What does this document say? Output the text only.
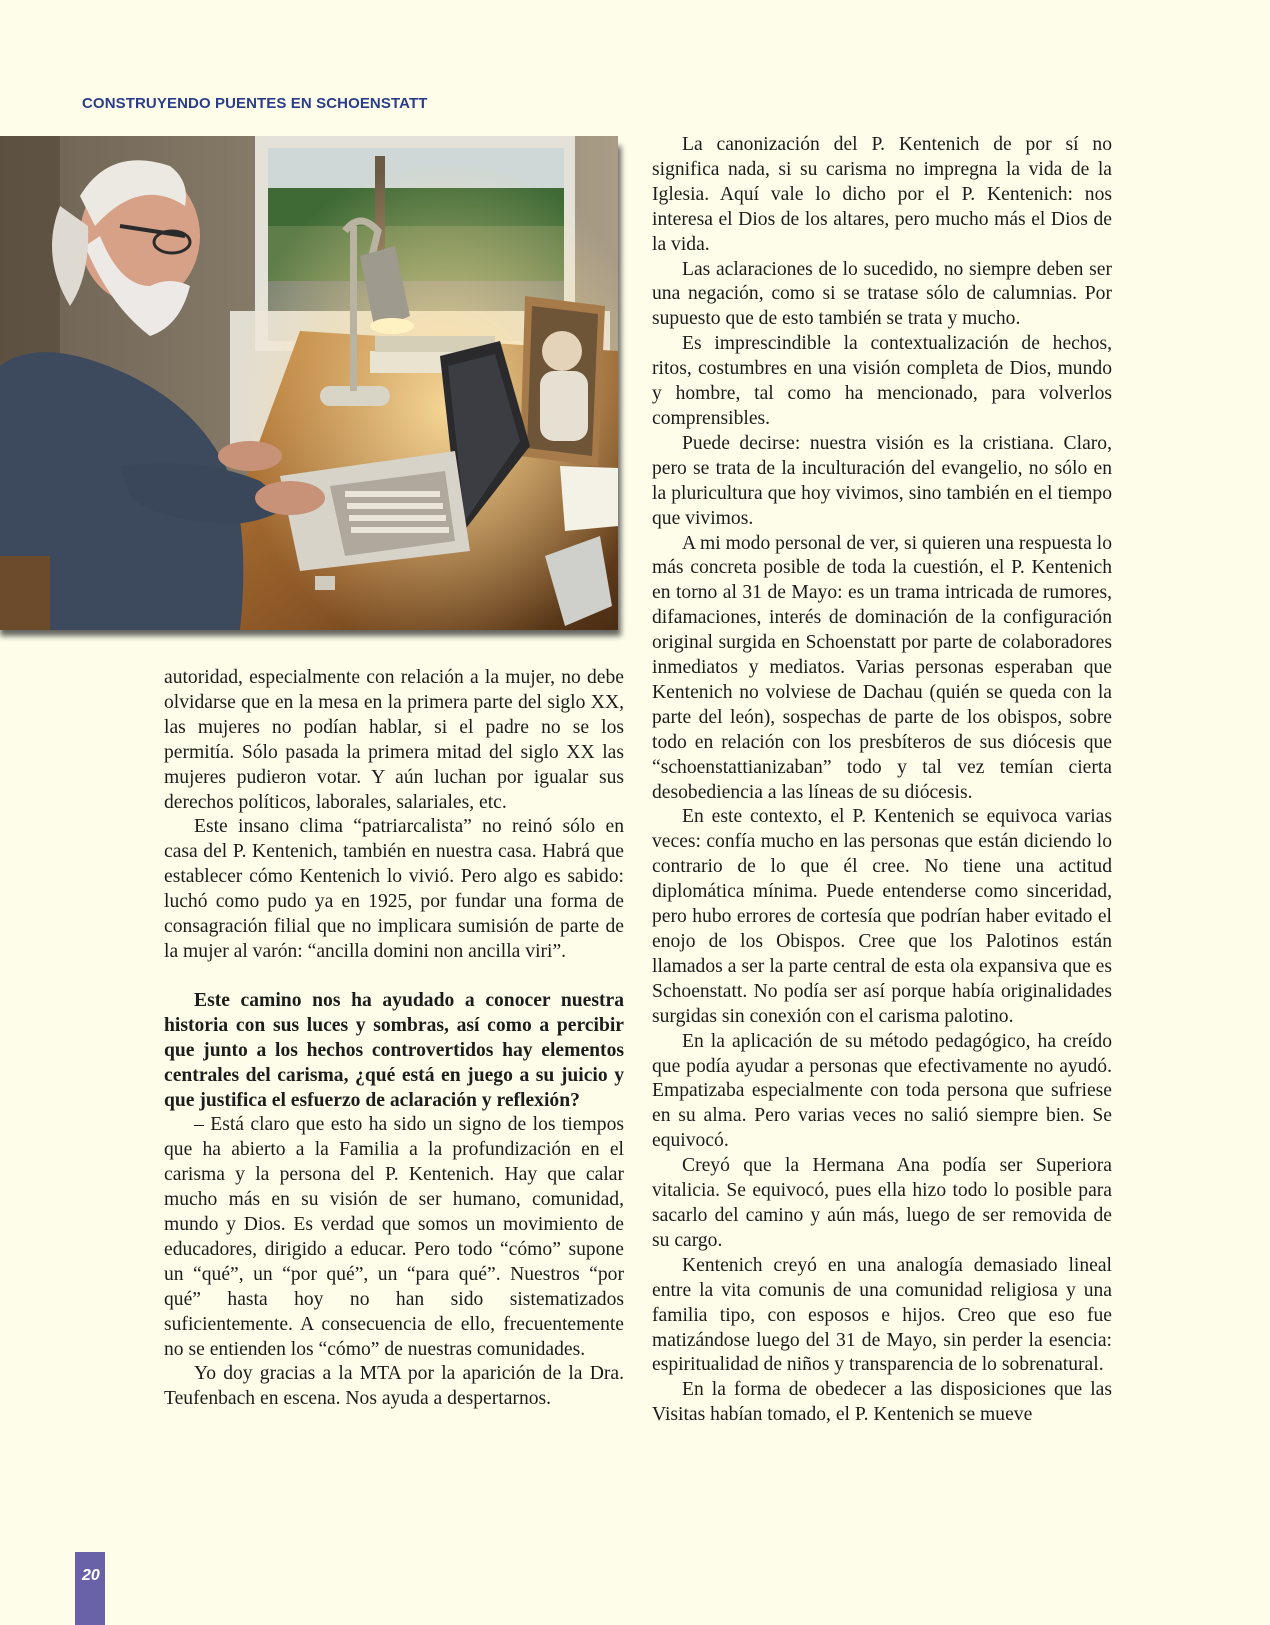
CONSTRUYENDO PUENTES EN SCHOENSTATT

La canonización del P. Kentenich de por sí no significa nada, si su carisma no impregna la vida de la Iglesia. Aquí vale lo dicho por el P. Kentenich: nos interesa el Dios de los altares, pero mucho más el Dios de la vida.

Las aclaraciones de lo sucedido, no siempre deben ser una negación, como si se tratase sólo de calumnias. Por supuesto que de esto también se trata y mucho.

Es imprescindible la contextualización de hechos, ritos, costumbres en una visión completa de Dios, mundo y hombre, tal como ha mencionado, para volverlos comprensibles.

Puede decirse: nuestra visión es la cristiana. Claro, pero se trata de la inculturación del evangelio, no sólo en la pluricultura que hoy vivimos, sino también en el tiempo que vivimos.

A mi modo personal de ver, si quieren una respuesta lo más concreta posible de toda la cuestión, el P. Kentenich en torno al 31 de Mayo: es un trama intricada de rumores, difamaciones, interés de dominación de la configuración original surgida en Schoenstatt por parte de colaboradores inmediatos y mediatos. Varias personas esperaban que Kentenich no volviese de Dachau (quién se queda con la parte del león), sospechas de parte de los obispos, sobre todo en relación con los presbíteros de sus diócesis que “schoenstattianizaban” todo y tal vez temían cierta desobediencia a las líneas de su diócesis.

En este contexto, el P. Kentenich se equivoca varias veces: confía mucho en las personas que están diciendo lo contrario de lo que él cree. No tiene una actitud diplomática mínima. Puede entenderse como sinceridad, pero hubo errores de cortesía que podrían haber evitado el enojo de los Obispos. Cree que los Palotinos están llamados a ser la parte central de esta ola expansiva que es Schoenstatt. No podía ser así porque había originalidades surgidas sin conexión con el carisma palotino.

En la aplicación de su método pedagógico, ha creído que podía ayudar a personas que efectivamente no ayudó. Empatizaba especialmente con toda persona que sufriese en su alma. Pero varias veces no salió siempre bien. Se equivocó.

Creyó que la Hermana Ana podía ser Superiora vitalicia. Se equivocó, pues ella hizo todo lo posible para sacarlo del camino y aún más, luego de ser removida de su cargo.

Kentenich creyó en una analogía demasiado lineal entre la vita comunis de una comunidad religiosa y una familia tipo, con esposos e hijos. Creo que eso fue matizándose luego del 31 de Mayo, sin perder la esencia: espiritualidad de niños y transparencia de lo sobrenatural.

En la forma de obedecer a las disposiciones que las Visitas habían tomado, el P. Kentenich se mueve

autoridad, especialmente con relación a la mujer, no debe olvidarse que en la mesa en la primera parte del siglo XX, las mujeres no podían hablar, si el padre no se los permitía. Sólo pasada la primera mitad del siglo XX las mujeres pudieron votar. Y aún luchan por igualar sus derechos políticos, laborales, salariales, etc.

Este insano clima “patriarcalista” no reinó sólo en casa del P. Kentenich, también en nuestra casa. Habrá que establecer cómo Kentenich lo vivió. Pero algo es sabido: luchó como pudo ya en 1925, por fundar una forma de consagración filial que no implicara sumisión de parte de la mujer al varón: “ancilla domini non ancilla viri”.

Este camino nos ha ayudado a conocer nuestra historia con sus luces y sombras, así como a percibir que junto a los hechos controvertidos hay elementos centrales del carisma, ¿qué está en juego a su juicio y que justifica el esfuerzo de aclaración y reflexión?

– Está claro que esto ha sido un signo de los tiempos que ha abierto a la Familia a la profundización en el carisma y la persona del P. Kentenich. Hay que calar mucho más en su visión de ser humano, comunidad, mundo y Dios. Es verdad que somos un movimiento de educadores, dirigido a educar. Pero todo “cómo” supone un “qué”, un “por qué”, un “para qué”. Nuestros “por qué” hasta hoy no han sido sistematizados suficientemente. A consecuencia de ello, frecuentemente no se entienden los “cómo” de nuestras comunidades.

Yo doy gracias a la MTA por la aparición de la Dra. Teufenbach en escena. Nos ayuda a despertarnos.

20
